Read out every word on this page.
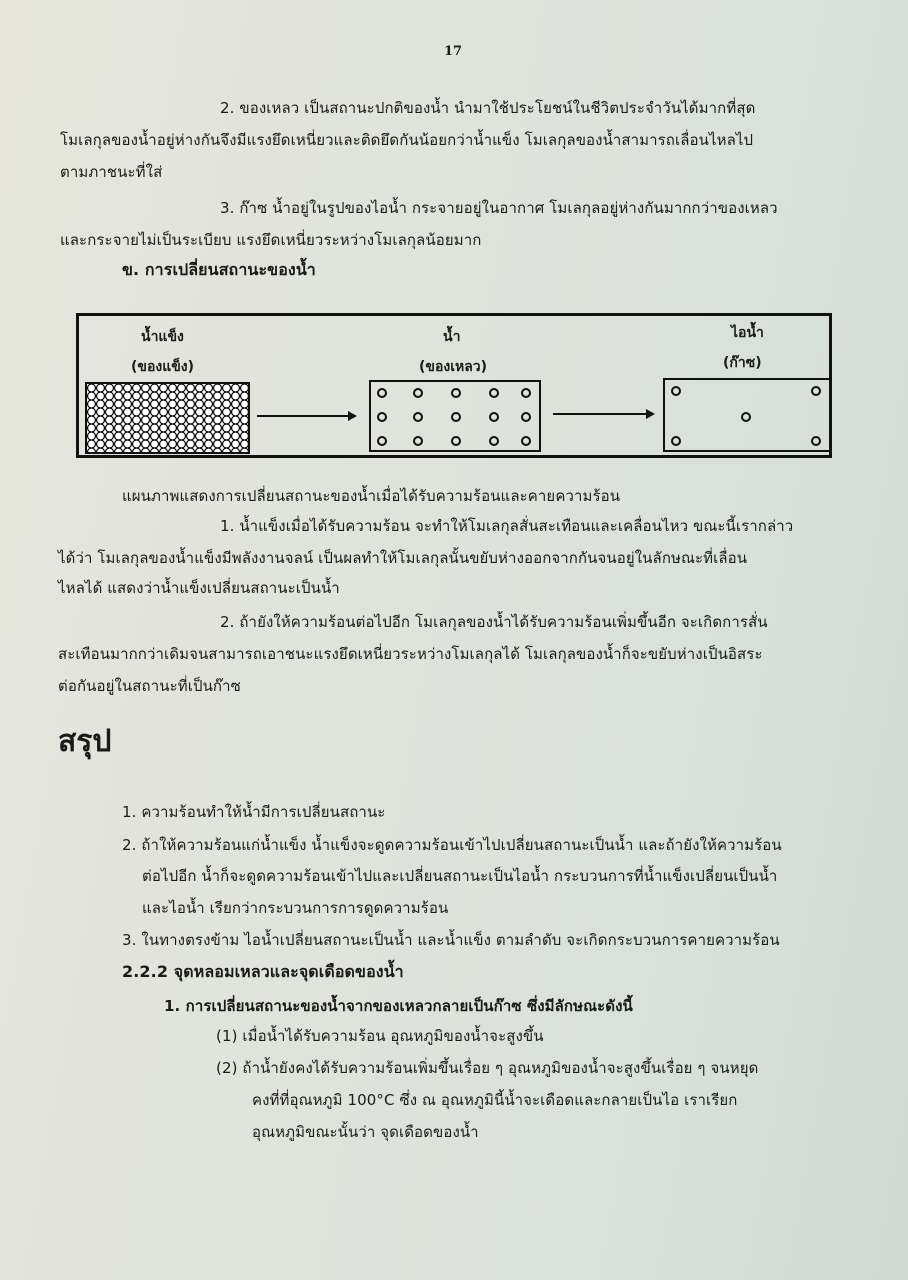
17
2. ของเหลว เป็นสถานะปกติของน้ำ นำมาใช้ประโยชน์ในชีวิตประจำวันได้มากที่สุด
โมเลกุลของน้ำอยู่ห่างกันจึงมีแรงยึดเหนี่ยวและติดยึดกันน้อยกว่าน้ำแข็ง โมเลกุลของน้ำสามารถเลื่อนไหลไป
ตามภาชนะที่ใส่
3. ก๊าซ น้ำอยู่ในรูปของไอน้ำ กระจายอยู่ในอากาศ โมเลกุลอยู่ห่างกันมากกว่าของเหลว
และกระจายไม่เป็นระเบียบ แรงยึดเหนี่ยวระหว่างโมเลกุลน้อยมาก
ข. การเปลี่ยนสถานะของน้ำ
น้ำแข็ง
(ของแข็ง)
น้ำ
(ของเหลว)
ไอน้ำ
(ก๊าซ)
แผนภาพแสดงการเปลี่ยนสถานะของน้ำเมื่อได้รับความร้อนและคายความร้อน
1. น้ำแข็งเมื่อได้รับความร้อน จะทำให้โมเลกุลสั่นสะเทือนและเคลื่อนไหว ขณะนี้เรากล่าว
ได้ว่า โมเลกุลของน้ำแข็งมีพลังงานจลน์ เป็นผลทำให้โมเลกุลนั้นขยับห่างออกจากกันจนอยู่ในลักษณะที่เลื่อน
ไหลได้ แสดงว่าน้ำแข็งเปลี่ยนสถานะเป็นน้ำ
2. ถ้ายังให้ความร้อนต่อไปอีก โมเลกุลของน้ำได้รับความร้อนเพิ่มขึ้นอีก จะเกิดการสั่น
สะเทือนมากกว่าเดิมจนสามารถเอาชนะแรงยึดเหนี่ยวระหว่างโมเลกุลได้ โมเลกุลของน้ำก็จะขยับห่างเป็นอิสระ
ต่อกันอยู่ในสถานะที่เป็นก๊าซ
สรุป
1. ความร้อนทำให้น้ำมีการเปลี่ยนสถานะ
2. ถ้าให้ความร้อนแก่น้ำแข็ง น้ำแข็งจะดูดความร้อนเข้าไปเปลี่ยนสถานะเป็นน้ำ และถ้ายังให้ความร้อน
ต่อไปอีก น้ำก็จะดูดความร้อนเข้าไปและเปลี่ยนสถานะเป็นไอน้ำ กระบวนการที่น้ำแข็งเปลี่ยนเป็นน้ำ
และไอน้ำ เรียกว่ากระบวนการการดูดความร้อน
3. ในทางตรงข้าม ไอน้ำเปลี่ยนสถานะเป็นน้ำ และน้ำแข็ง ตามลำดับ จะเกิดกระบวนการคายความร้อน
2.2.2 จุดหลอมเหลวและจุดเดือดของน้ำ
1. การเปลี่ยนสถานะของน้ำจากของเหลวกลายเป็นก๊าซ ซึ่งมีลักษณะดังนี้
(1) เมื่อน้ำได้รับความร้อน อุณหภูมิของน้ำจะสูงขึ้น
(2) ถ้าน้ำยังคงได้รับความร้อนเพิ่มขึ้นเรื่อย ๆ อุณหภูมิของน้ำจะสูงขึ้นเรื่อย ๆ จนหยุด
คงที่ที่อุณหภูมิ 100°C ซึ่ง ณ อุณหภูมินี้น้ำจะเดือดและกลายเป็นไอ เราเรียก
อุณหภูมิขณะนั้นว่า จุดเดือดของน้ำ
